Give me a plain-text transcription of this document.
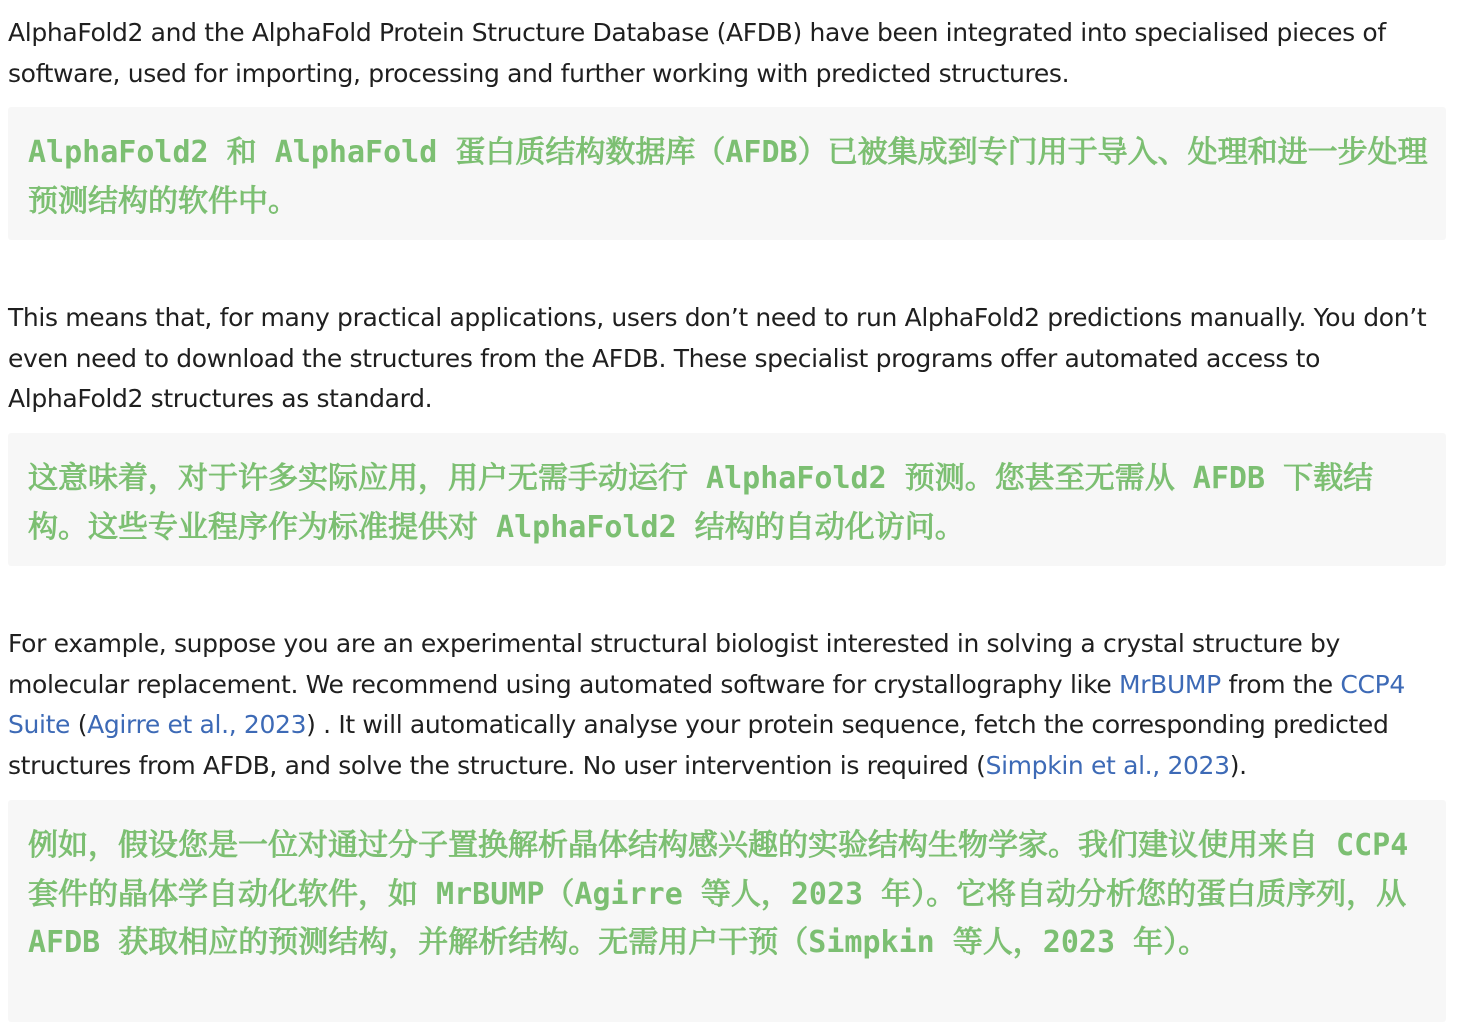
AlphaFold2 and the AlphaFold Protein Structure Database (AFDB) have been integrated into specialised pieces of software, used for importing, processing and further working with predicted structures.

AlphaFold2 和 AlphaFold 蛋白质结构数据库（AFDB）已被集成到专门用于导入、处理和进一步处理预测结构的软件中。

This means that, for many practical applications, users don’t need to run AlphaFold2 predictions manually. You don’t even need to download the structures from the AFDB. These specialist programs offer automated access to AlphaFold2 structures as standard.

这意味着，对于许多实际应用，用户无需手动运行 AlphaFold2 预测。您甚至无需从 AFDB 下载结构。这些专业程序作为标准提供对 AlphaFold2 结构的自动化访问。

For example, suppose you are an experimental structural biologist interested in solving a crystal structure by molecular replacement. We recommend using automated software for crystallography like MrBUMP from the CCP4 Suite (Agirre et al., 2023) . It will automatically analyse your protein sequence, fetch the corresponding predicted structures from AFDB, and solve the structure. No user intervention is required (Simpkin et al., 2023).

例如，假设您是一位对通过分子置换解析晶体结构感兴趣的实验结构生物学家。我们建议使用来自 CCP4 套件的晶体学自动化软件，如 MrBUMP（Agirre 等人，2023 年）。它将自动分析您的蛋白质序列，从 AFDB 获取相应的预测结构，并解析结构。无需用户干预（Simpkin 等人，2023 年）。
